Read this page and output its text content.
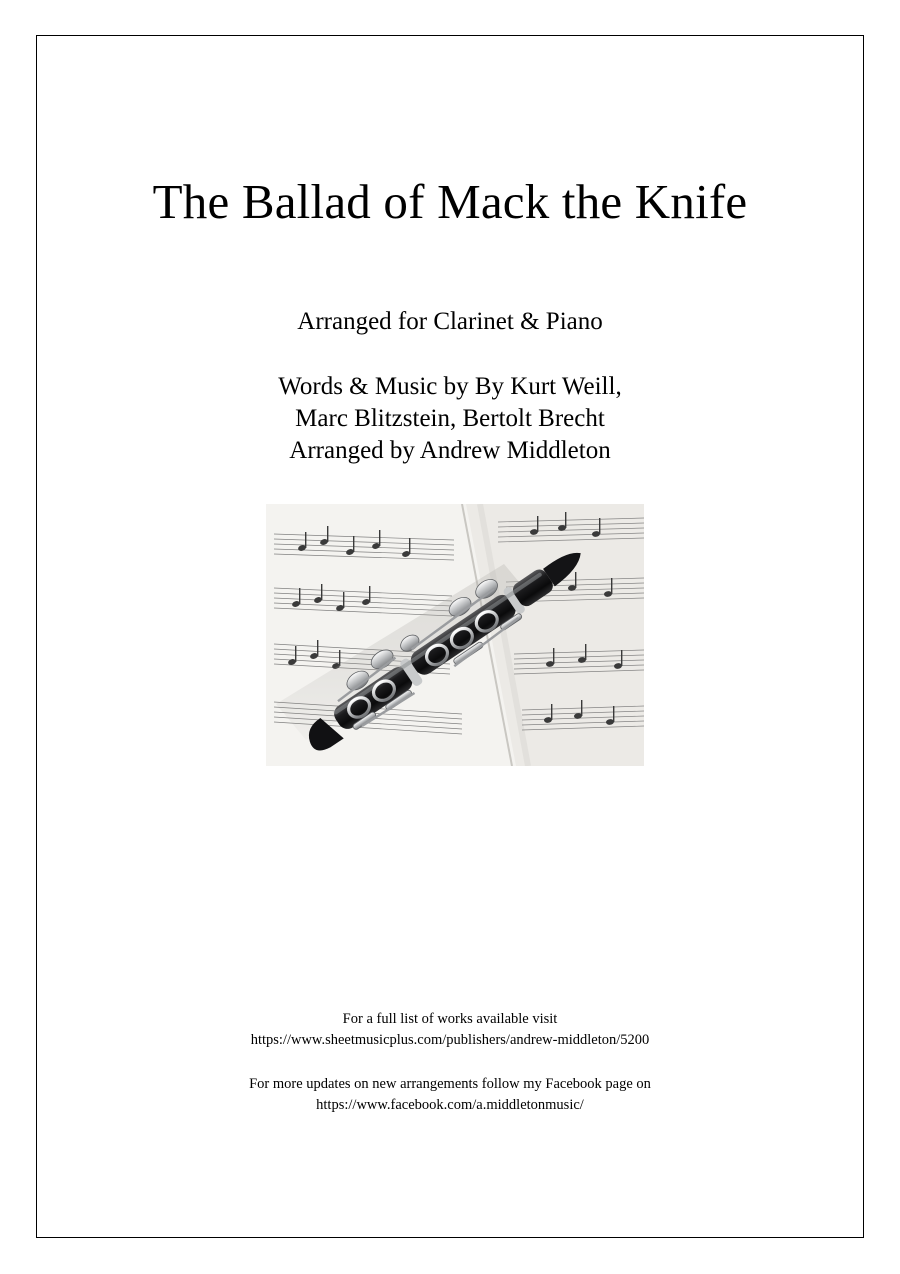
The Ballad of Mack the Knife
Arranged for Clarinet & Piano
Words & Music by By Kurt Weill,
Marc Blitzstein, Bertolt Brecht
Arranged by Andrew Middleton
For a full list of works available visit
https://www.sheetmusicplus.com/publishers/andrew-middleton/5200
For more updates on new arrangements follow my Facebook page on
https://www.facebook.com/a.middletonmusic/
